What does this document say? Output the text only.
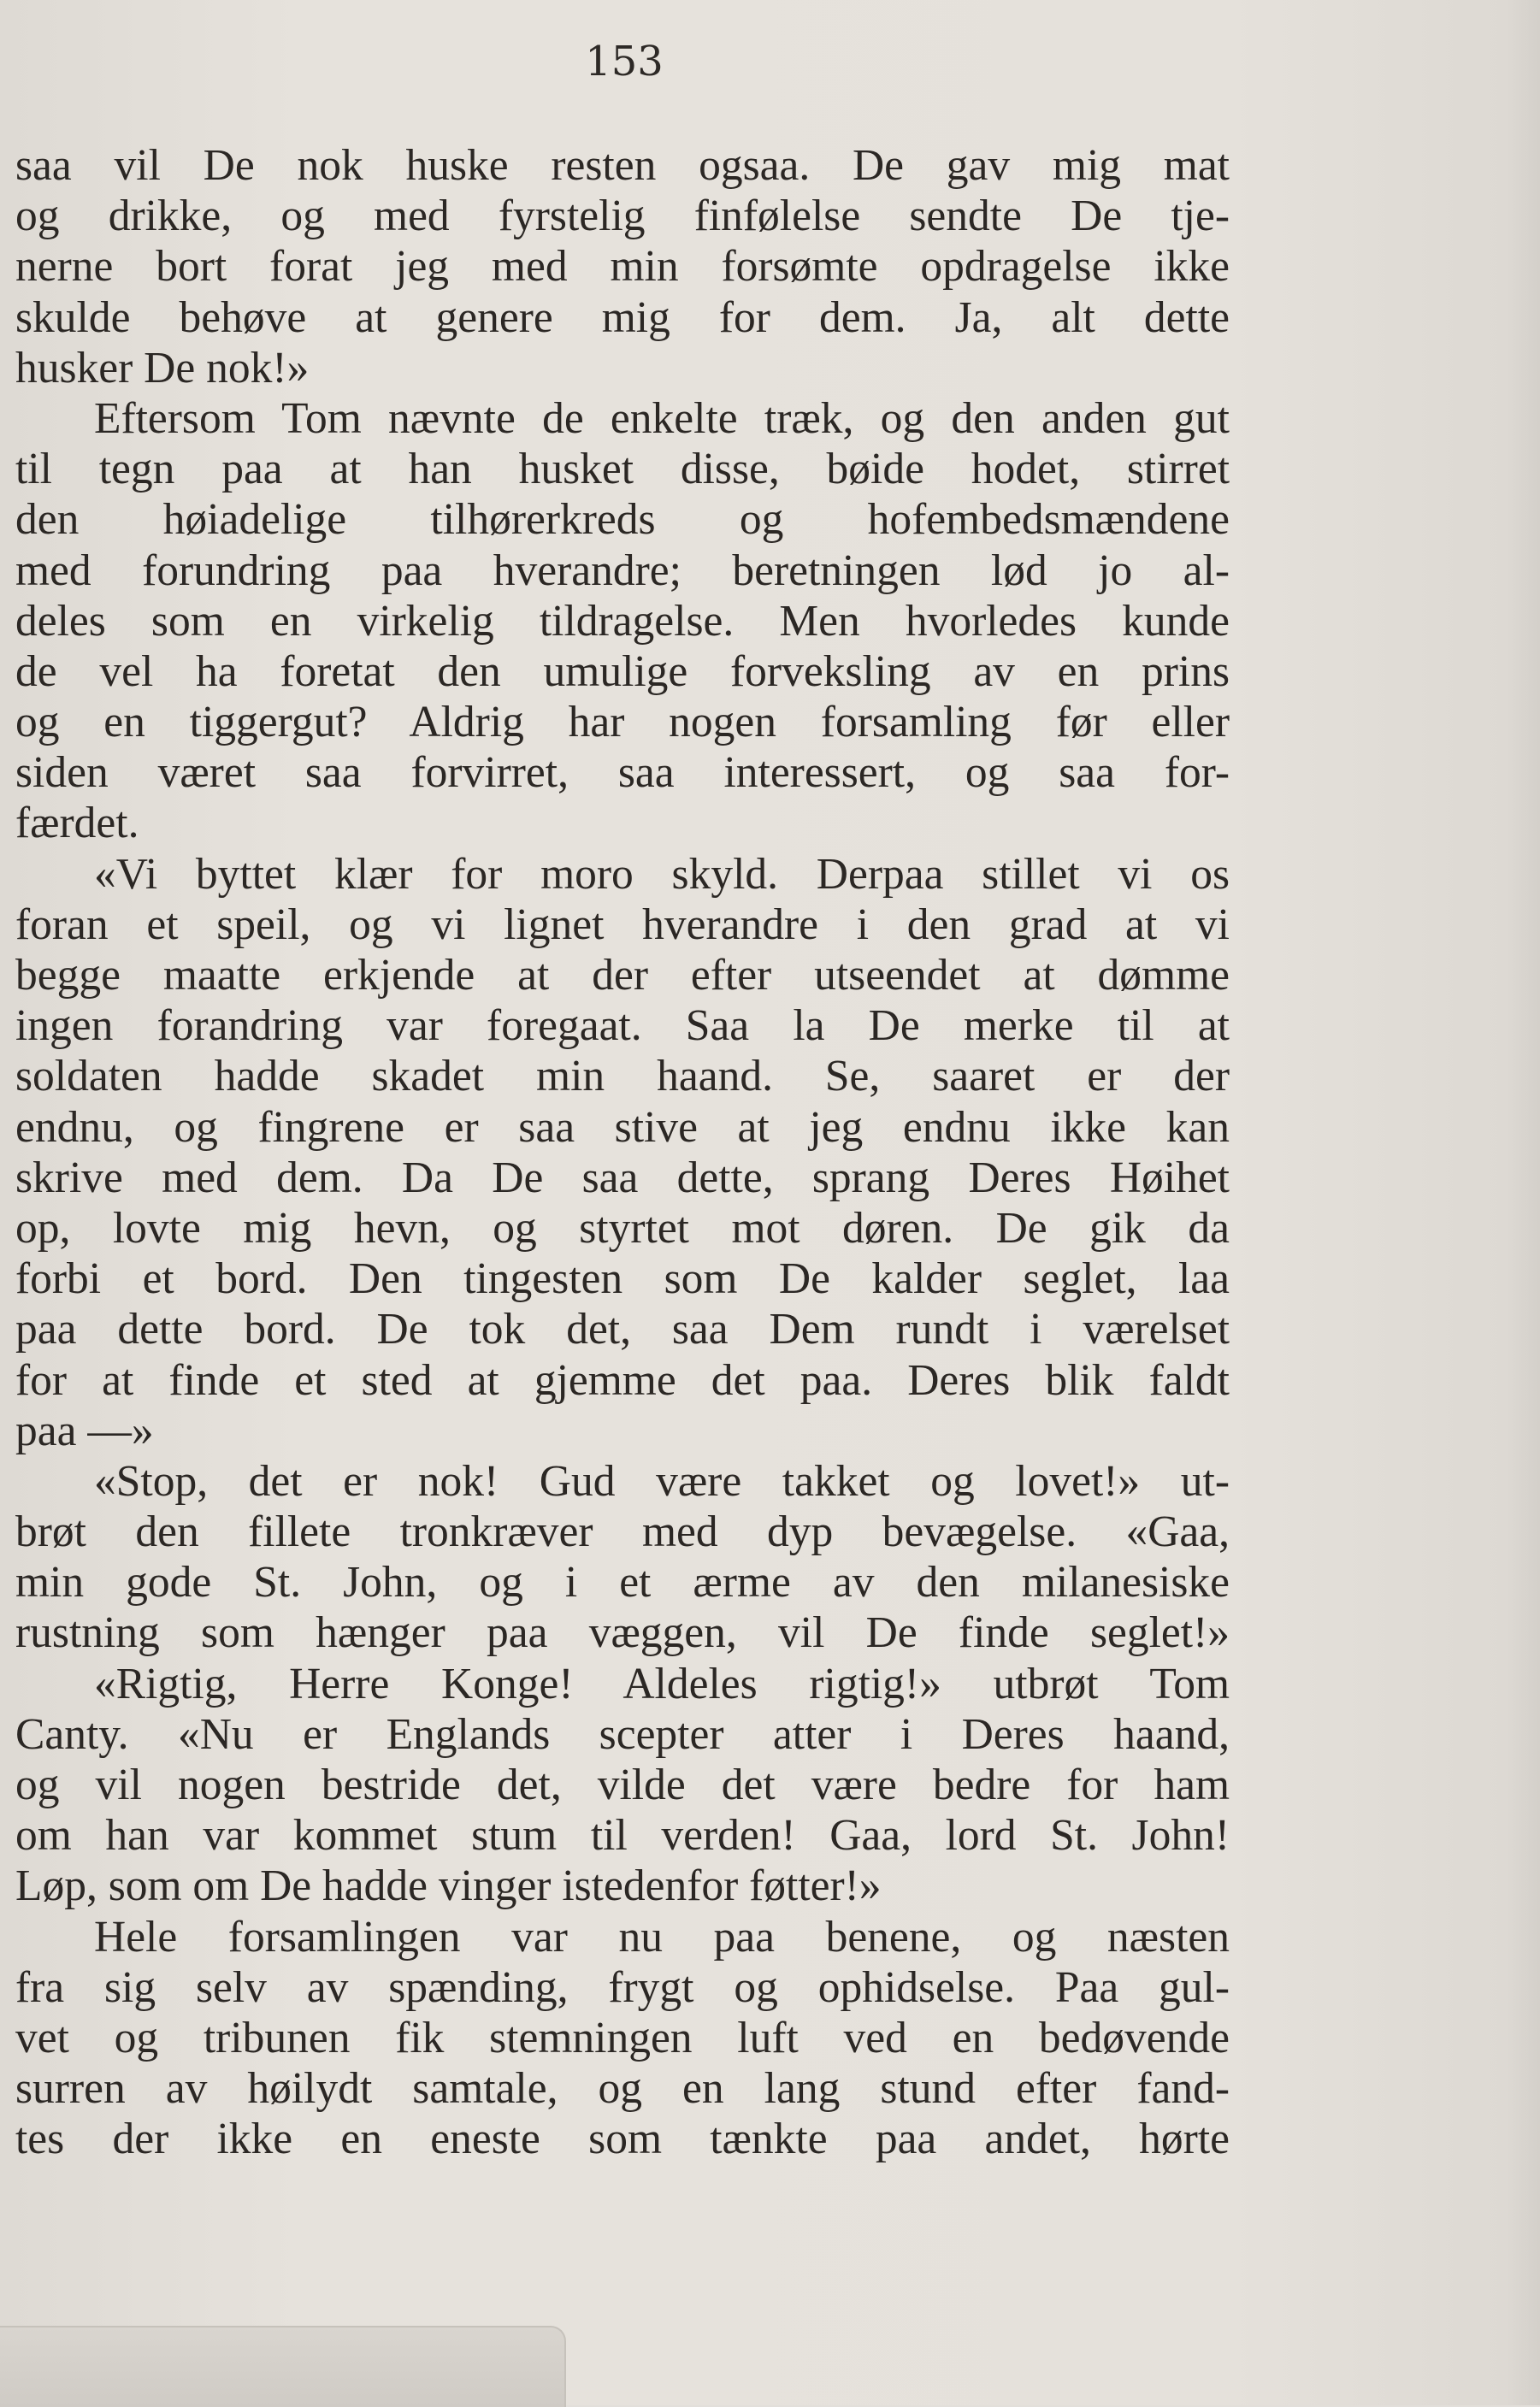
153
saa vil De nok huske resten ogsaa. De gav mig mat
og drikke, og med fyrstelig finfølelse sendte De tje-
nerne bort forat jeg med min forsømte opdragelse ikke
skulde behøve at genere mig for dem. Ja, alt dette
husker De nok!»
Eftersom Tom nævnte de enkelte træk, og den anden gut
til tegn paa at han husket disse, bøide hodet, stirret
den høiadelige tilhørerkreds og hofembedsmændene
med forundring paa hverandre; beretningen lød jo al-
deles som en virkelig tildragelse. Men hvorledes kunde
de vel ha foretat den umulige forveksling av en prins
og en tiggergut? Aldrig har nogen forsamling før eller
siden været saa forvirret, saa interessert, og saa for-
færdet.
«Vi byttet klær for moro skyld. Derpaa stillet vi os
foran et speil, og vi lignet hverandre i den grad at vi
begge maatte erkjende at der efter utseendet at dømme
ingen forandring var foregaat. Saa la De merke til at
soldaten hadde skadet min haand. Se, saaret er der
endnu, og fingrene er saa stive at jeg endnu ikke kan
skrive med dem. Da De saa dette, sprang Deres Høihet
op, lovte mig hevn, og styrtet mot døren. De gik da
forbi et bord. Den tingesten som De kalder seglet, laa
paa dette bord. De tok det, saa Dem rundt i værelset
for at finde et sted at gjemme det paa. Deres blik faldt
paa —»
«Stop, det er nok! Gud være takket og lovet!» ut-
brøt den fillete tronkræver med dyp bevægelse. «Gaa,
min gode St. John, og i et ærme av den milanesiske
rustning som hænger paa væggen, vil De finde seglet!»
«Rigtig, Herre Konge! Aldeles rigtig!» utbrøt Tom
Canty. «Nu er Englands scepter atter i Deres haand,
og vil nogen bestride det, vilde det være bedre for ham
om han var kommet stum til verden! Gaa, lord St. John!
Løp, som om De hadde vinger istedenfor føtter!»
Hele forsamlingen var nu paa benene, og næsten
fra sig selv av spænding, frygt og ophidselse. Paa gul-
vet og tribunen fik stemningen luft ved en bedøvende
surren av høilydt samtale, og en lang stund efter fand-
tes der ikke en eneste som tænkte paa andet, hørte
